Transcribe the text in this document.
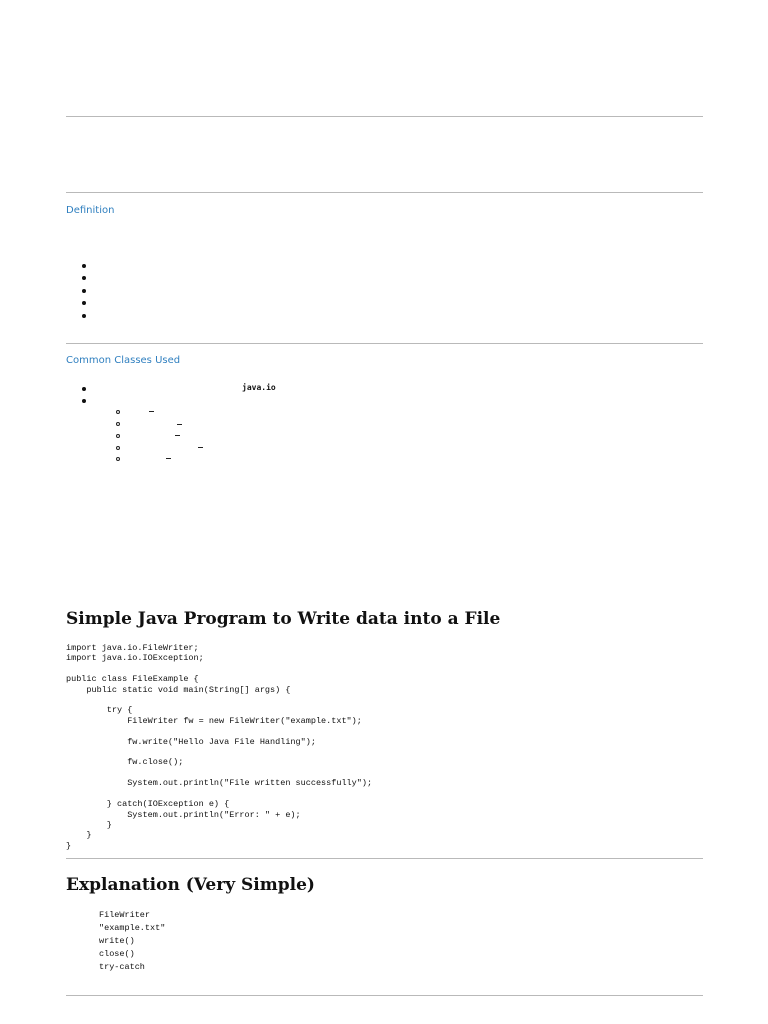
Definition
Common Classes Used
java.io
Simple Java Program to Write data into a File
import java.io.FileWriter;
import java.io.IOException;

public class FileExample {
public static void main(String[] args) {

try {
FileWriter fw = new FileWriter("example.txt");

fw.write("Hello Java File Handling");

fw.close();

System.out.println("File written successfully");

} catch(IOException e) {
System.out.println("Error: " + e);
}
}
}
Explanation (Very Simple)
FileWriter
"example.txt"
write()
close()
try-catch
